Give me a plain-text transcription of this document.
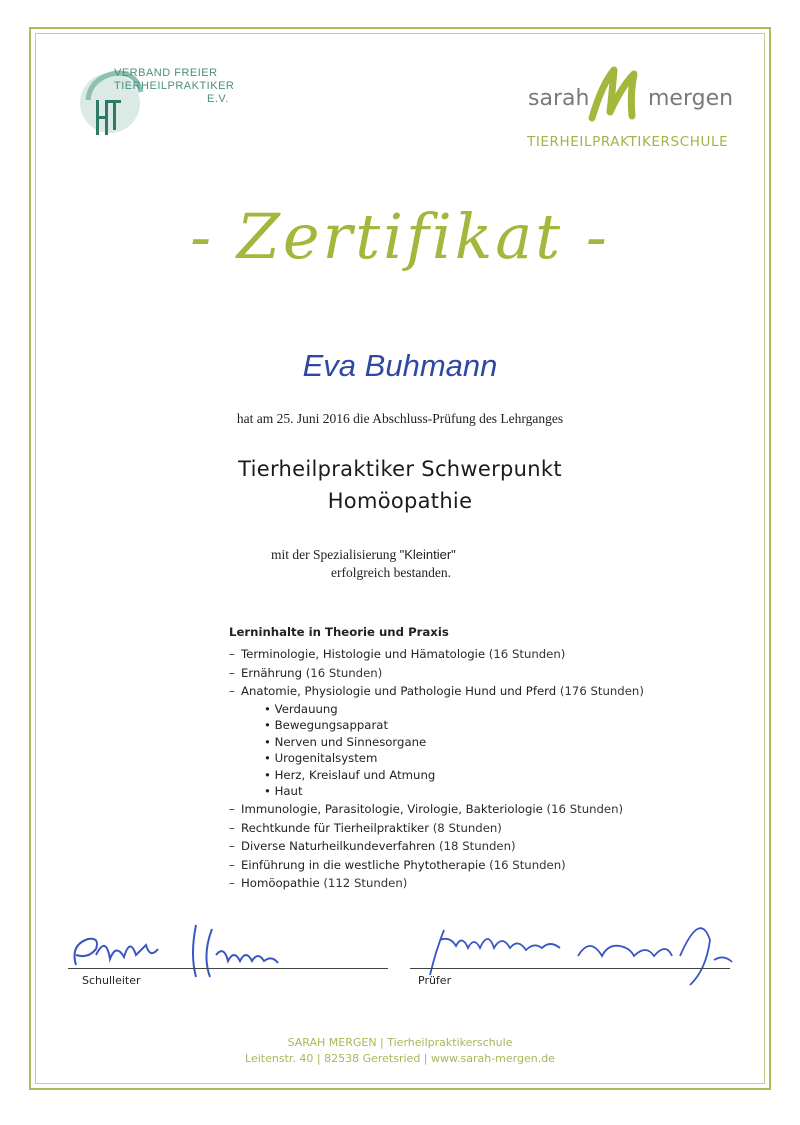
VERBAND FREIER
TIERHEILPRAKTIKER
E.V.	sarah	mergen
TIERHEILPRAKTIKERSCHULE
- Zertifikat -
Eva Buhmann
hat am 25. Juni 2016 die Abschluss-Prüfung des Lehrganges
Tierheilpraktiker Schwerpunkt
Homöopathie
mit der Spezialisierung "Kleintier"
erfolgreich bestanden.
Lerninhalte in Theorie und Praxis
– Terminologie, Histologie und Hämatologie (16 Stunden)
– Ernährung (16 Stunden)
– Anatomie, Physiologie und Pathologie Hund und Pferd (176 Stunden)
• Verdauung
• Bewegungsapparat
• Nerven und Sinnesorgane
• Urogenitalsystem
• Herz, Kreislauf und Atmung
• Haut
– Immunologie, Parasitologie, Virologie, Bakteriologie (16 Stunden)
– Rechtkunde für Tierheilpraktiker (8 Stunden)
– Diverse Naturheilkundeverfahren (18 Stunden)
– Einführung in die westliche Phytotherapie (16 Stunden)
– Homöopathie (112 Stunden)
Schulleiter	Prüfer
SARAH MERGEN | Tierheilpraktikerschule
Leitenstr. 40 | 82538 Geretsried | www.sarah-mergen.de
